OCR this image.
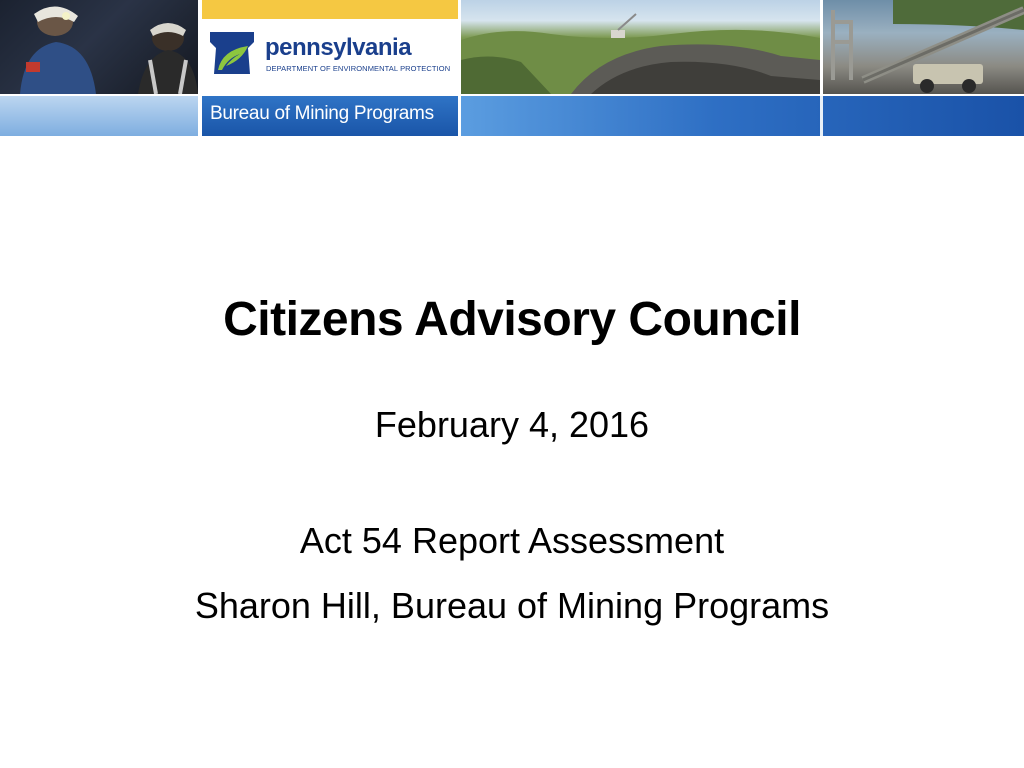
pennsylvania
DEPARTMENT OF ENVIRONMENTAL PROTECTION
Bureau of Mining Programs
Citizens Advisory Council
February 4, 2016
Act 54 Report Assessment
Sharon Hill, Bureau of Mining Programs
